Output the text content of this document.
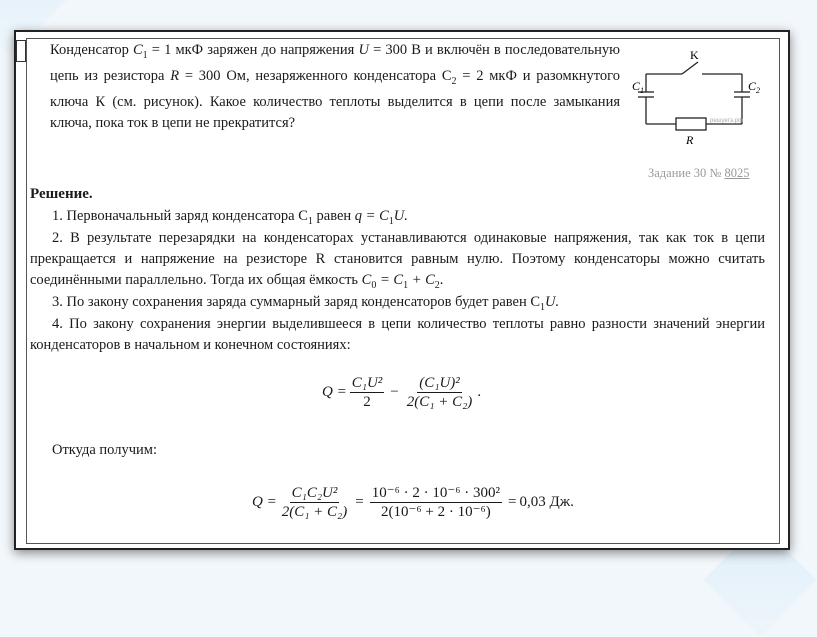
Конденсатор $C_1 = 1$ мкФ заряжен до напряжения U = 300 В и включён в последовательную цепь из резистора R = 300 Ом, незаряженного конденсатора $C_2 = 2$ мкФ и разомкнутого ключа К (см. рисунок). Какое количество теплоты выделится в цепи после замыкания ключа, пока ток в цепи не прекратится?
K
$C_1$	$C_2$
R
решуегэ.рф
Задание 30 № 8025
Решение.
1. Первоначальный заряд конденсатора $C_1$ равен $q = C_1U$.
2. В результате перезарядки на конденсаторах устанавливаются одинаковые напряжения, так как ток в цепи прекращается и напряжение на резисторе R становится равным нулю. Поэтому конденсаторы можно считать соединёнными параллельно. Тогда их общая ёмкость $C_0 = C_1 + C_2$.
3. По закону сохранения заряда суммарный заряд конденсаторов будет равен $C_1U$.
4. По закону сохранения энергии выделившееся в цепи количество теплоты равно разности значений энергии конденсаторов в начальном и конечном состояниях:
$Q = \frac{\text{C₁U²}}{2} - \frac{\text{(C₁U)²}}{\text{2(C₁ + C₂)}}$ .
Откуда получим:
$Q = \frac{\text{C₁C₂U²}}{\text{2(C₁ + C₂)}} = \frac{\text{10⁻⁶ · 2 · 10⁻⁶ · 300²}}{\text{2(10⁻⁶ + 2 · 10⁻⁶)}} = 0,03$ Дж.
